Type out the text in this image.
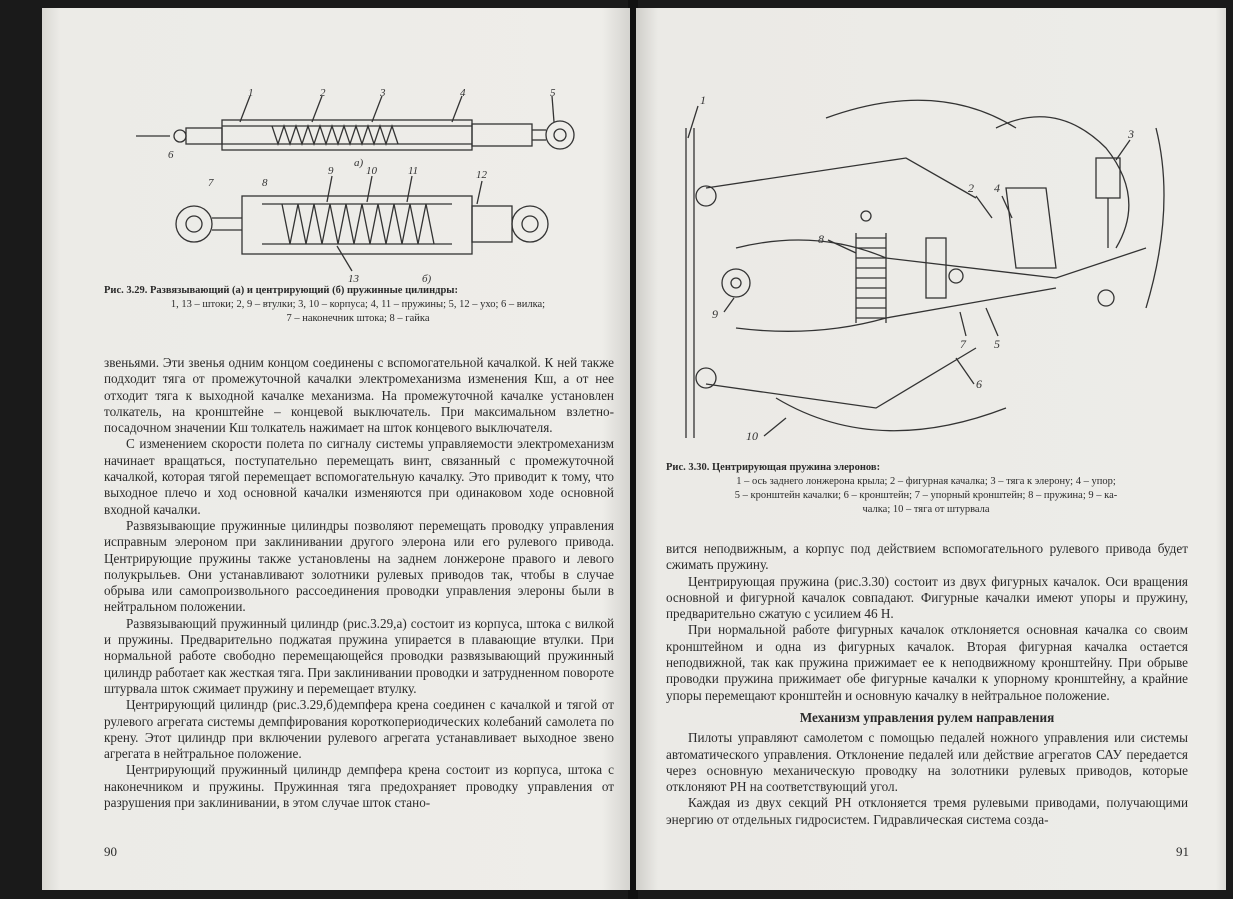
1	2	3	4	5
6
а)
7	8
9	10	11	12
13	б)
Рис. 3.29. Развязывающий (а) и центрирующий (б) пружинные цилиндры:
1, 13 – штоки; 2, 9 – втулки; 3, 10 – корпуса; 4, 11 – пружины; 5, 12 – ухо; 6 – вилка;
7 – наконечник штока; 8 – гайка

звеньями. Эти звенья одним концом соединены с вспомогательной качалкой. К ней также подходит тяга от промежуточной качалки электромеханизма изменения Кш, а от нее отходит тяга к выходной качалке механизма. На промежуточной качалке установлен толкатель, на кронштейне – концевой выключатель. При максимальном взлетно-посадочном значении Кш толкатель нажимает на шток концевого выключателя.

С изменением скорости полета по сигналу системы управляемости электромеханизм начинает вращаться, поступательно перемещать винт, связанный с промежуточной качалкой, которая тягой перемещает вспомогательную качалку. Это приводит к тому, что выходное плечо и ход основной качалки изменяются при одинаковом ходе основной входной качалки.

Развязывающие пружинные цилиндры позволяют перемещать проводку управления исправным элероном при заклинивании другого элерона или его рулевого привода. Центрирующие пружины также установлены на заднем лонжероне правого и левого полукрыльев. Они устанавливают золотники рулевых приводов так, чтобы в случае обрыва или самопроизвольного рассоединения проводки управления элероны были в нейтральном положении.

Развязывающий пружинный цилиндр (рис.3.29,а) состоит из корпуса, штока с вилкой и пружины. Предварительно поджатая пружина упирается в плавающие втулки. При нормальной работе свободно перемещающейся проводки развязывающий пружинный цилиндр работает как жесткая тяга. При заклинивании проводки и затрудненном повороте штурвала шток сжимает пружину и перемещает втулку.

Центрирующий цилиндр (рис.3.29,б)демпфера крена соединен с качалкой и тягой от рулевого агрегата системы демпфирования короткопериодических колебаний самолета по крену. Этот цилиндр при включении рулевого агрегата устанавливает выходное звено агрегата в нейтральное положение.

Центрирующий пружинный цилиндр демпфера крена состоит из корпуса, штока с наконечником и пружины. Пружинная тяга предохраняет проводку управления от разрушения при заклинивании, в этом случае шток стано-

90
1
2 4
3
8
9
7 5
6
10
Рис. 3.30. Центрирующая пружина элеронов:
1 – ось заднего лонжерона крыла; 2 – фигурная качалка; 3 – тяга к элерону; 4 – упор;
5 – кронштейн качалки; 6 – кронштейн; 7 – упорный кронштейн; 8 – пружина; 9 – ка-
чалка; 10 – тяга от штурвала

вится неподвижным, а корпус под действием вспомогательного рулевого привода будет сжимать пружину.

Центрирующая пружина (рис.3.30) состоит из двух фигурных качалок. Оси вращения основной и фигурной качалок совпадают. Фигурные качалки имеют упоры и пружину, предварительно сжатую с усилием 46 Н.

При нормальной работе фигурных качалок отклоняется основная качалка со своим кронштейном и одна из фигурных качалок. Вторая фигурная качалка остается неподвижной, так как пружина прижимает ее к неподвижному кронштейну. При обрыве проводки пружина прижимает обе фигурные качалки к упорному кронштейну, а крайние упоры перемещают кронштейн и основную качалку в нейтральное положение.

Механизм управления рулем направления

Пилоты управляют самолетом с помощью педалей ножного управления или системы автоматического управления. Отклонение педалей или действие агрегатов САУ передается через основную механическую проводку на золотники рулевых приводов, которые отклоняют РН на соответствующий угол.

Каждая из двух секций РН отклоняется тремя рулевыми приводами, получающими энергию от отдельных гидросистем. Гидравлическая система созда-

91
